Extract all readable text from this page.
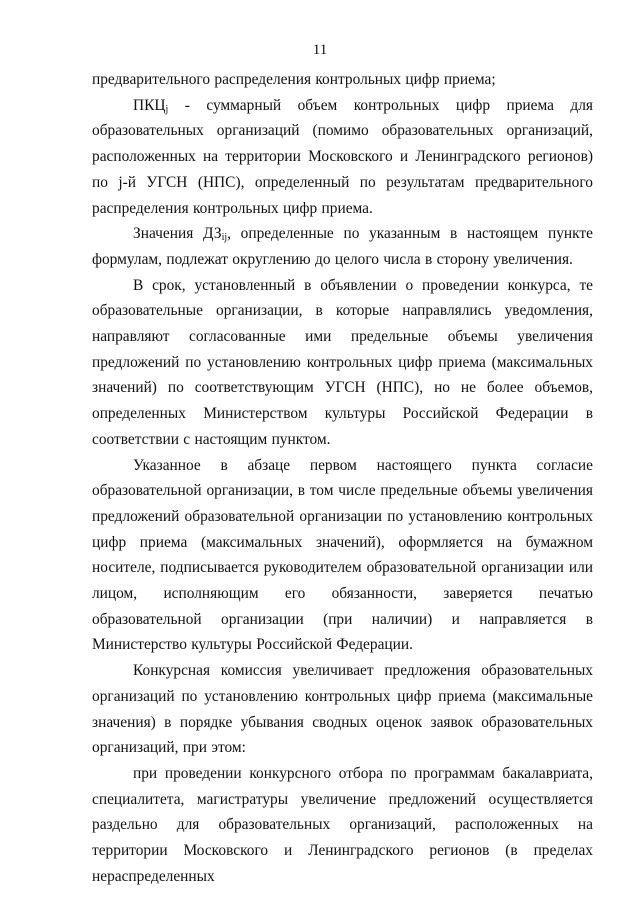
11

предварительного распределения контрольных цифр приема;

$ПКЦ_j$ - суммарный объем контрольных цифр приема для образовательных организаций (помимо образовательных организаций, расположенных на территории Московского и Ленинградского регионов) по j-й УГСН (НПС), определенный по результатам предварительного распределения контрольных цифр приема.

Значения $ДЗ_{ij}$, определенные по указанным в настоящем пункте формулам, подлежат округлению до целого числа в сторону увеличения.

В срок, установленный в объявлении о проведении конкурса, те образовательные организации, в которые направлялись уведомления, направляют согласованные ими предельные объемы увеличения предложений по установлению контрольных цифр приема (максимальных значений) по соответствующим УГСН (НПС), но не более объемов, определенных Министерством культуры Российской Федерации в соответствии с настоящим пунктом.

Указанное в абзаце первом настоящего пункта согласие образовательной организации, в том числе предельные объемы увеличения предложений образовательной организации по установлению контрольных цифр приема (максимальных значений), оформляется на бумажном носителе, подписывается руководителем образовательной организации или лицом, исполняющим его обязанности, заверяется печатью образовательной организации (при наличии) и направляется в Министерство культуры Российской Федерации.

Конкурсная комиссия увеличивает предложения образовательных организаций по установлению контрольных цифр приема (максимальные значения) в порядке убывания сводных оценок заявок образовательных организаций, при этом:

при проведении конкурсного отбора по программам бакалавриата, специалитета, магистратуры увеличение предложений осуществляется раздельно для образовательных организаций, расположенных на территории Московского и Ленинградского регионов (в пределах нераспределенных
